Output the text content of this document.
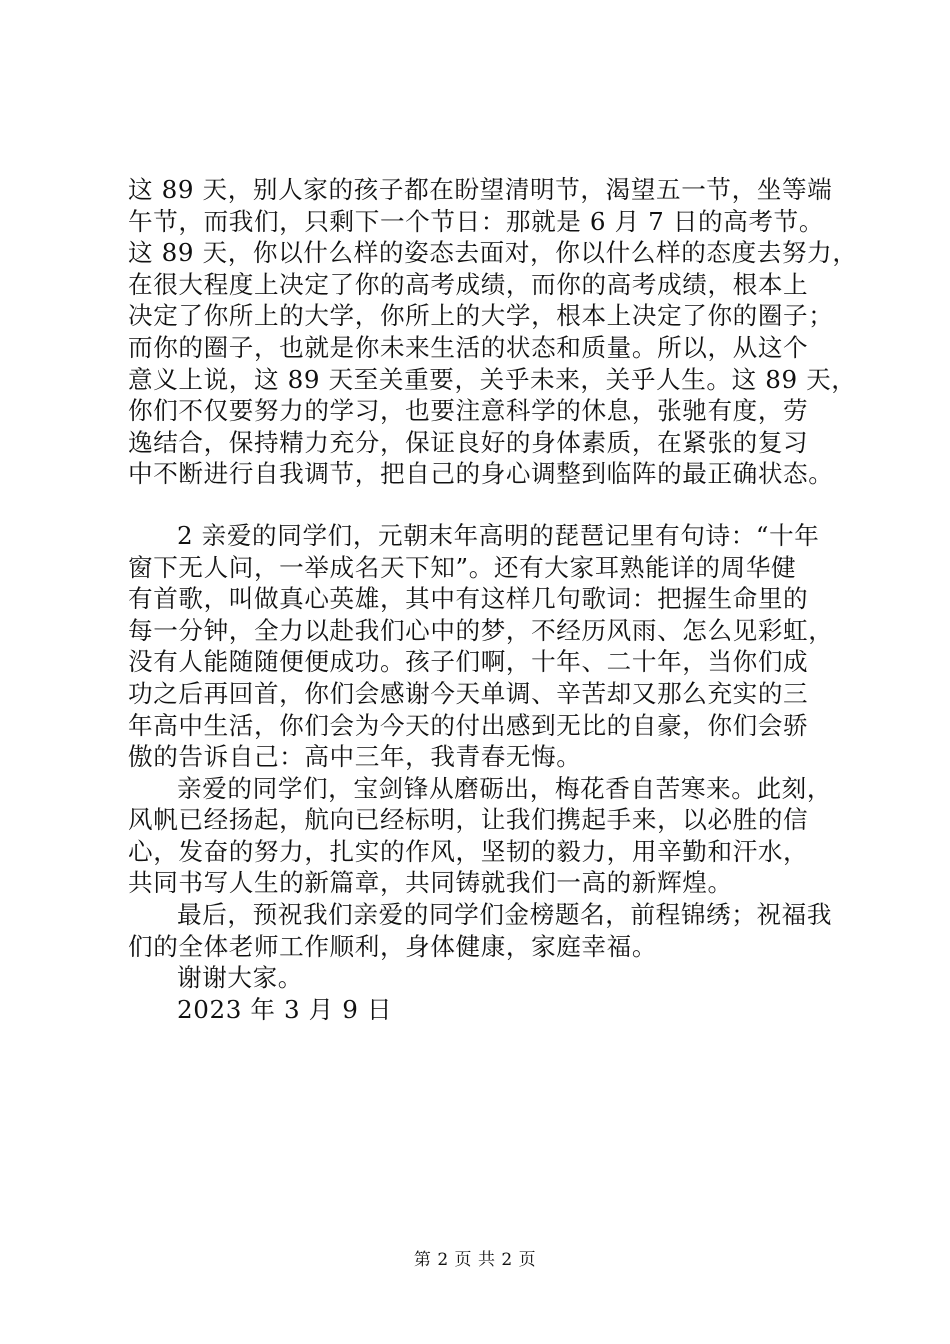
这 89 天，别人家的孩子都在盼望清明节，渴望五一节，坐等端
午节，而我们，只剩下一个节日：那就是 6 月 7 日的高考节。
这 89 天，你以什么样的姿态去面对，你以什么样的态度去努力，
在很大程度上决定了你的高考成绩，而你的高考成绩，根本上
决定了你所上的大学，你所上的大学，根本上决定了你的圈子；
而你的圈子，也就是你未来生活的状态和质量。所以，从这个
意义上说，这 89 天至关重要，关乎未来，关乎人生。这 89 天，
你们不仅要努力的学习，也要注意科学的休息，张驰有度，劳
逸结合，保持精力充分，保证良好的身体素质，在紧张的复习
中不断进行自我调节，把自己的身心调整到临阵的最正确状态。
2 亲爱的同学们，元朝末年高明的琵琶记里有句诗：“十年
窗下无人问，一举成名天下知”。还有大家耳熟能详的周华健
有首歌，叫做真心英雄，其中有这样几句歌词：把握生命里的
每一分钟，全力以赴我们心中的梦，不经历风雨、怎么见彩虹，
没有人能随随便便成功。孩子们啊，十年、二十年，当你们成
功之后再回首，你们会感谢今天单调、辛苦却又那么充实的三
年高中生活，你们会为今天的付出感到无比的自豪，你们会骄
傲的告诉自己：高中三年，我青春无悔。
亲爱的同学们，宝剑锋从磨砺出，梅花香自苦寒来。此刻，
风帆已经扬起，航向已经标明，让我们携起手来，以必胜的信
心，发奋的努力，扎实的作风，坚韧的毅力，用辛勤和汗水，
共同书写人生的新篇章，共同铸就我们一高的新辉煌。
最后，预祝我们亲爱的同学们金榜题名，前程锦绣；祝福我
们的全体老师工作顺利，身体健康，家庭幸福。
谢谢大家。
2023 年 3 月 9 日
第 2 页 共 2 页
